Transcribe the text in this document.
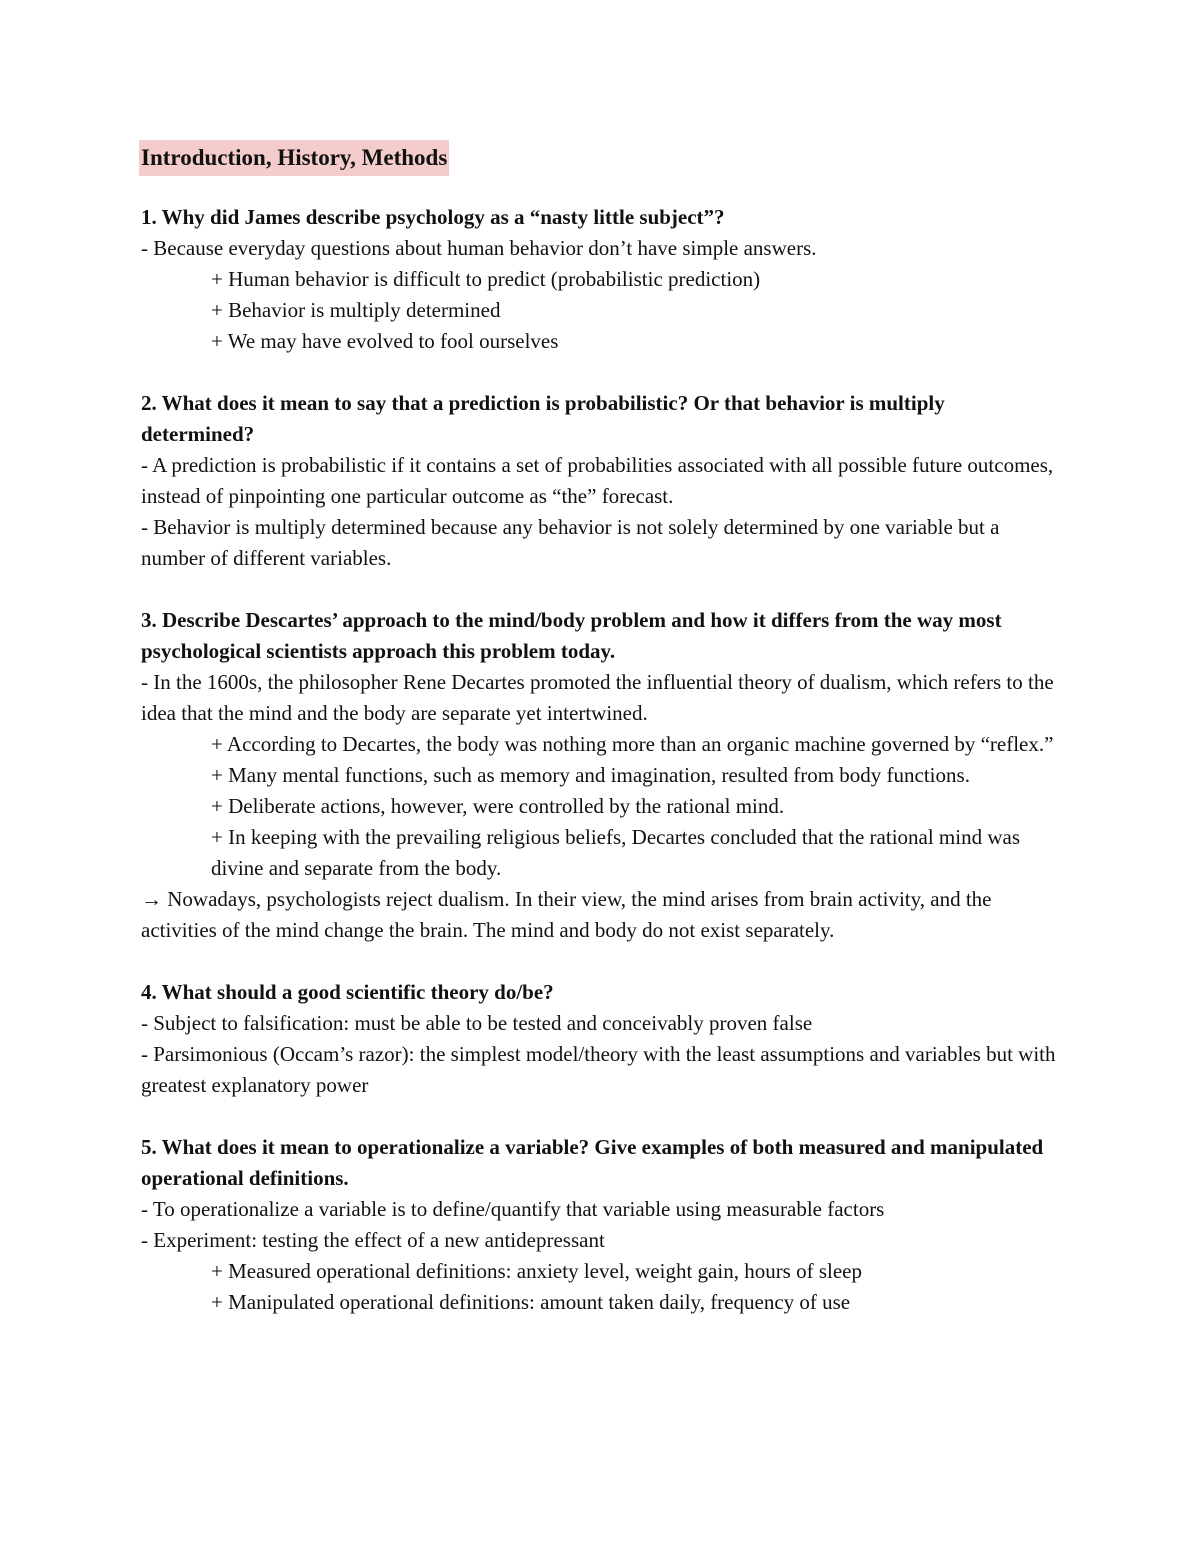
Introduction, History, Methods
1. Why did James describe psychology as a “nasty little subject”?
- Because everyday questions about human behavior don’t have simple answers.
+ Human behavior is difficult to predict (probabilistic prediction)
+ Behavior is multiply determined
+ We may have evolved to fool ourselves
2. What does it mean to say that a prediction is probabilistic? Or that behavior is multiply determined?
- A prediction is probabilistic if it contains a set of probabilities associated with all possible future outcomes, instead of pinpointing one particular outcome as “the” forecast.
- Behavior is multiply determined because any behavior is not solely determined by one variable but a number of different variables.
3. Describe Descartes’ approach to the mind/body problem and how it differs from the way most psychological scientists approach this problem today.
- In the 1600s, the philosopher Rene Decartes promoted the influential theory of dualism, which refers to the idea that the mind and the body are separate yet intertwined.
+ According to Decartes, the body was nothing more than an organic machine governed by “reflex.”
+ Many mental functions, such as memory and imagination, resulted from body functions.
+ Deliberate actions, however, were controlled by the rational mind.
+ In keeping with the prevailing religious beliefs, Decartes concluded that the rational mind was divine and separate from the body.
→ Nowadays, psychologists reject dualism. In their view, the mind arises from brain activity, and the activities of the mind change the brain. The mind and body do not exist separately.
4. What should a good scientific theory do/be?
- Subject to falsification: must be able to be tested and conceivably proven false
- Parsimonious (Occam’s razor): the simplest model/theory with the least assumptions and variables but with greatest explanatory power
5. What does it mean to operationalize a variable? Give examples of both measured and manipulated operational definitions.
- To operationalize a variable is to define/quantify that variable using measurable factors
- Experiment: testing the effect of a new antidepressant
+ Measured operational definitions: anxiety level, weight gain, hours of sleep
+ Manipulated operational definitions: amount taken daily, frequency of use
